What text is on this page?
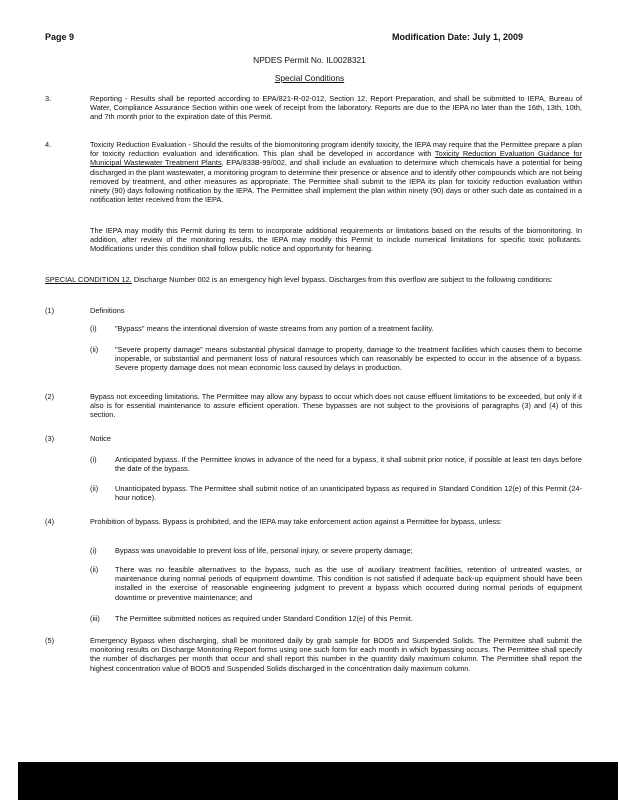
Page 9	Modification Date: July 1, 2009
NPDES Permit No. IL0028321
Special Conditions
3.	Reporting - Results shall be reported according to EPA/821-R-02-012, Section 12, Report Preparation, and shall be submitted to IEPA, Bureau of Water, Compliance Assurance Section within one week of receipt from the laboratory. Reports are due to the IEPA no later than the 16th, 13th, 10th, and 7th month prior to the expiration date of this Permit.
4.	Toxicity Reduction Evaluation - Should the results of the biomonitoring program identify toxicity, the IEPA may require that the Permittee prepare a plan for toxicity reduction evaluation and identification. This plan shall be developed in accordance with Toxicity Reduction Evaluation Guidance for Municipal Wastewater Treatment Plants, EPA/833B-99/002, and shall include an evaluation to determine which chemicals have a potential for being discharged in the plant wastewater, a monitoring program to determine their presence or absence and to identify other compounds which are not being removed by treatment, and other measures as appropriate. The Permittee shall submit to the IEPA its plan for toxicity reduction evaluation within ninety (90) days following notification by the IEPA. The Permittee shall implement the plan within ninety (90) days or other such date as contained in a notification letter received from the IEPA.
The IEPA may modify this Permit during its term to incorporate additional requirements or limitations based on the results of the biomonitoring. In addition, after review of the monitoring results, the IEPA may modify this Permit to include numerical limitations for specific toxic pollutants. Modifications under this condition shall follow public notice and opportunity for hearing.
SPECIAL CONDITION 12. Discharge Number 002 is an emergency high level bypass. Discharges from this overflow are subject to the following conditions:
(1)	Definitions
(i) "Bypass" means the intentional diversion of waste streams from any portion of a treatment facility.
(ii) "Severe property damage" means substantial physical damage to property, damage to the treatment facilities which causes them to become inoperable, or substantial and permanent loss of natural resources which can reasonably be expected to occur in the absence of a bypass. Severe property damage does not mean economic loss caused by delays in production.
(2)	Bypass not exceeding limitations. The Permittee may allow any bypass to occur which does not cause effluent limitations to be exceeded, but only if it also is for essential maintenance to assure efficient operation. These bypasses are not subject to the provisions of paragraphs (3) and (4) of this section.
(3)	Notice
(i) Anticipated bypass. If the Permittee knows in advance of the need for a bypass, it shall submit prior notice, if possible at least ten days before the date of the bypass.
(ii) Unanticipated bypass. The Permittee shall submit notice of an unanticipated bypass as required in Standard Condition 12(e) of this Permit (24-hour notice).
(4)	Prohibition of bypass. Bypass is prohibited, and the IEPA may take enforcement action against a Permittee for bypass, unless:
(i) Bypass was unavoidable to prevent loss of life, personal injury, or severe property damage;
(ii) There was no feasible alternatives to the bypass, such as the use of auxiliary treatment facilities, retention of untreated wastes, or maintenance during normal periods of equipment downtime. This condition is not satisfied if adequate back-up equipment should have been installed in the exercise of reasonable engineering judgment to prevent a bypass which occurred during normal periods of equipment downtime or preventive maintenance; and
(iii) The Permittee submitted notices as required under Standard Condition 12(e) of this Permit.
(5)	Emergency Bypass when discharging, shall be monitored daily by grab sample for BOD5 and Suspended Solids. The Permittee shall submit the monitoring results on Discharge Monitoring Report forms using one such form for each month in which bypassing occurs. The Permittee shall specify the number of discharges per month that occur and shall report this number in the quantity daily maximum column. The Permittee shall report the highest concentration value of BOD5 and Suspended Solids discharged in the concentration daily maximum column.
